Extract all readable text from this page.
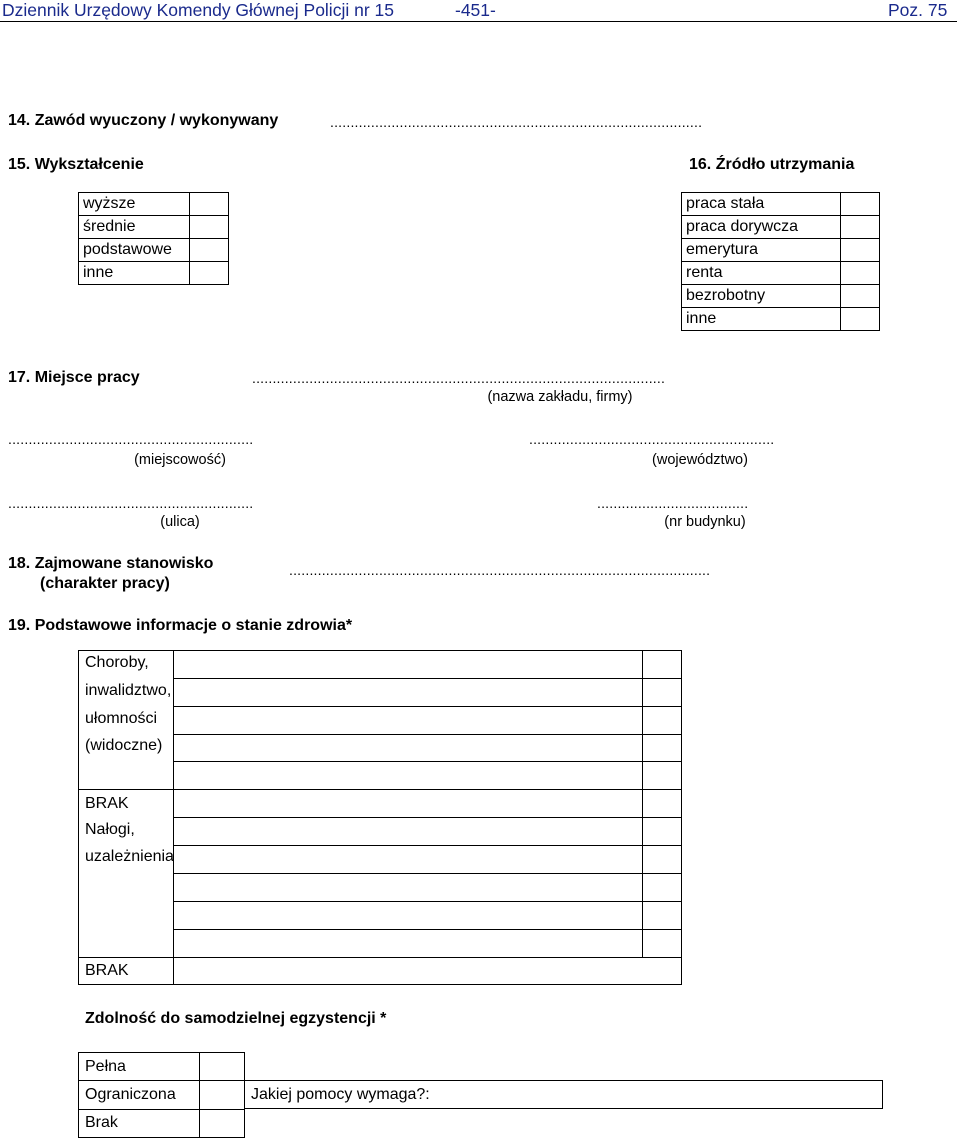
Dziennik Urzędowy Komendy Głównej Policji nr 15	-451-	Poz. 75
14. Zawód wyuczony / wykonywany	...........................................................................................
15. Wykształcenie	16. Źródło utrzymania
wyższe	
średnie	
podstawowe	
inne	
praca stała	
praca dorywcza	
emerytura	
renta	
bezrobotny	
inne	
17. Miejsce pracy	.....................................................................................................
(nazwa zakładu, firmy)
............................................................
(miejscowość)
............................................................
(województwo)
............................................................
(ulica)
.....................................
(nr budynku)
18. Zajmowane stanowisko
(charakter pracy)
.......................................................................................................
19. Podstawowe informacje o stanie zdrowia*
Choroby,
inwalidztwo,
ułomności
(widoczne)
BRAK
Nałogi,
uzależnienia
BRAK
Zdolność do samodzielnej egzystencji *
Pełna
Ograniczona
Brak
Jakiej pomocy wymaga?:
